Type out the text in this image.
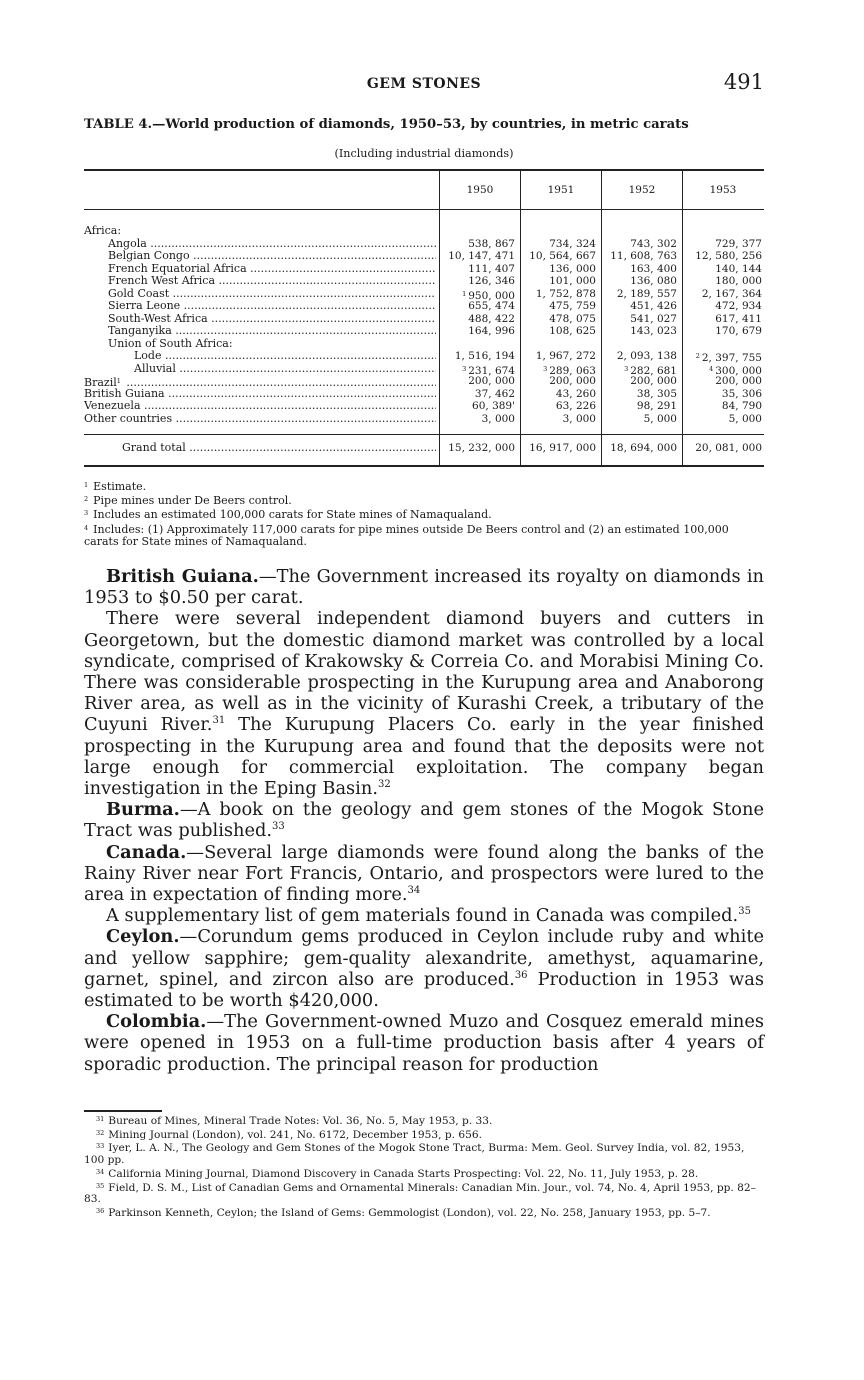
GEM STONES	491
TABLE 4.—World production of diamonds, 1950–53, by countries, in metric carats
(Including industrial diamonds)
1950	1951	1952	1953
Africa:
Angola .....	538, 867	734, 324	743, 302	729, 377
Belgian Congo .....	10, 147, 471	10, 564, 667	11, 608, 763	12, 580, 256
French Equatorial Africa .....	111, 407	136, 000	163, 400	140, 144
French West Africa .....	126, 346	101, 000	136, 080	180, 000
Gold Coast .....	$^1$ 950, 000	1, 752, 878	2, 189, 557	2, 167, 364
Sierra Leone .....	655, 474	475, 759	451, 426	472, 934
South-West Africa .....	488, 422	478, 075	541, 027	617, 411
Tanganyika .....	164, 996	108, 625	143, 023	170, 679
Union of South Africa:
Lode .....	1, 516, 194	1, 967, 272	2, 093, 138	$^2$ 2, 397, 755
Alluvial .....	$^3$ 231, 674	$^3$ 289, 063	$^3$ 282, 681	$^4$ 300, 000
Brazil$^1$ .....	200, 000	200, 000	200, 000	200, 000
British Guiana .....	37, 462	43, 260	38, 305	35, 306
Venezuela .....	60, 389'	63, 226	98, 291	84, 790
Other countries .....	3, 000	3, 000	5, 000	5, 000
Grand total .....	15, 232, 000	16, 917, 000	18, 694, 000	20, 081, 000

$^1$ Estimate.

$^2$ Pipe mines under De Beers control.

$^3$ Includes an estimated 100,000 carats for State mines of Namaqualand.

$^4$ Includes: (1) Approximately 117,000 carats for pipe mines outside De Beers control and (2) an estimated 100,000 carats for State mines of Namaqualand.

British Guiana.—The Government increased its royalty on diamonds in 1953 to $0.50 per carat.

There were several independent diamond buyers and cutters in Georgetown, but the domestic diamond market was controlled by a local syndicate, comprised of Krakowsky & Correia Co. and Morabisi Mining Co. There was considerable prospecting in the Kurupung area and Anaborong River area, as well as in the vicinity of Kurashi Creek, a tributary of the Cuyuni River.$^{31}$ The Kurupung Placers Co. early in the year finished prospecting in the Kurupung area and found that the deposits were not large enough for commercial exploitation. The company began investigation in the Eping Basin.$^{32}$

Burma.—A book on the geology and gem stones of the Mogok Stone Tract was published.$^{33}$

Canada.—Several large diamonds were found along the banks of the Rainy River near Fort Francis, Ontario, and prospectors were lured to the area in expectation of finding more.$^{34}$

A supplementary list of gem materials found in Canada was compiled.$^{35}$

Ceylon.—Corundum gems produced in Ceylon include ruby and white and yellow sapphire; gem-quality alexandrite, amethyst, aquamarine, garnet, spinel, and zircon also are produced.$^{36}$ Production in 1953 was estimated to be worth $420,000.

Colombia.—The Government-owned Muzo and Cosquez emerald mines were opened in 1953 on a full-time production basis after 4 years of sporadic production. The principal reason for production

$^{31}$ Bureau of Mines, Mineral Trade Notes: Vol. 36, No. 5, May 1953, p. 33.

$^{32}$ Mining Journal (London), vol. 241, No. 6172, December 1953, p. 656.

$^{33}$ Iyer, L. A. N., The Geology and Gem Stones of the Mogok Stone Tract, Burma: Mem. Geol. Survey India, vol. 82, 1953, 100 pp.

$^{34}$ California Mining Journal, Diamond Discovery in Canada Starts Prospecting: Vol. 22, No. 11, July 1953, p. 28.

$^{35}$ Field, D. S. M., List of Canadian Gems and Ornamental Minerals: Canadian Min. Jour., vol. 74, No. 4, April 1953, pp. 82–83.

$^{36}$ Parkinson Kenneth, Ceylon; the Island of Gems: Gemmologist (London), vol. 22, No. 258, January 1953, pp. 5–7.
